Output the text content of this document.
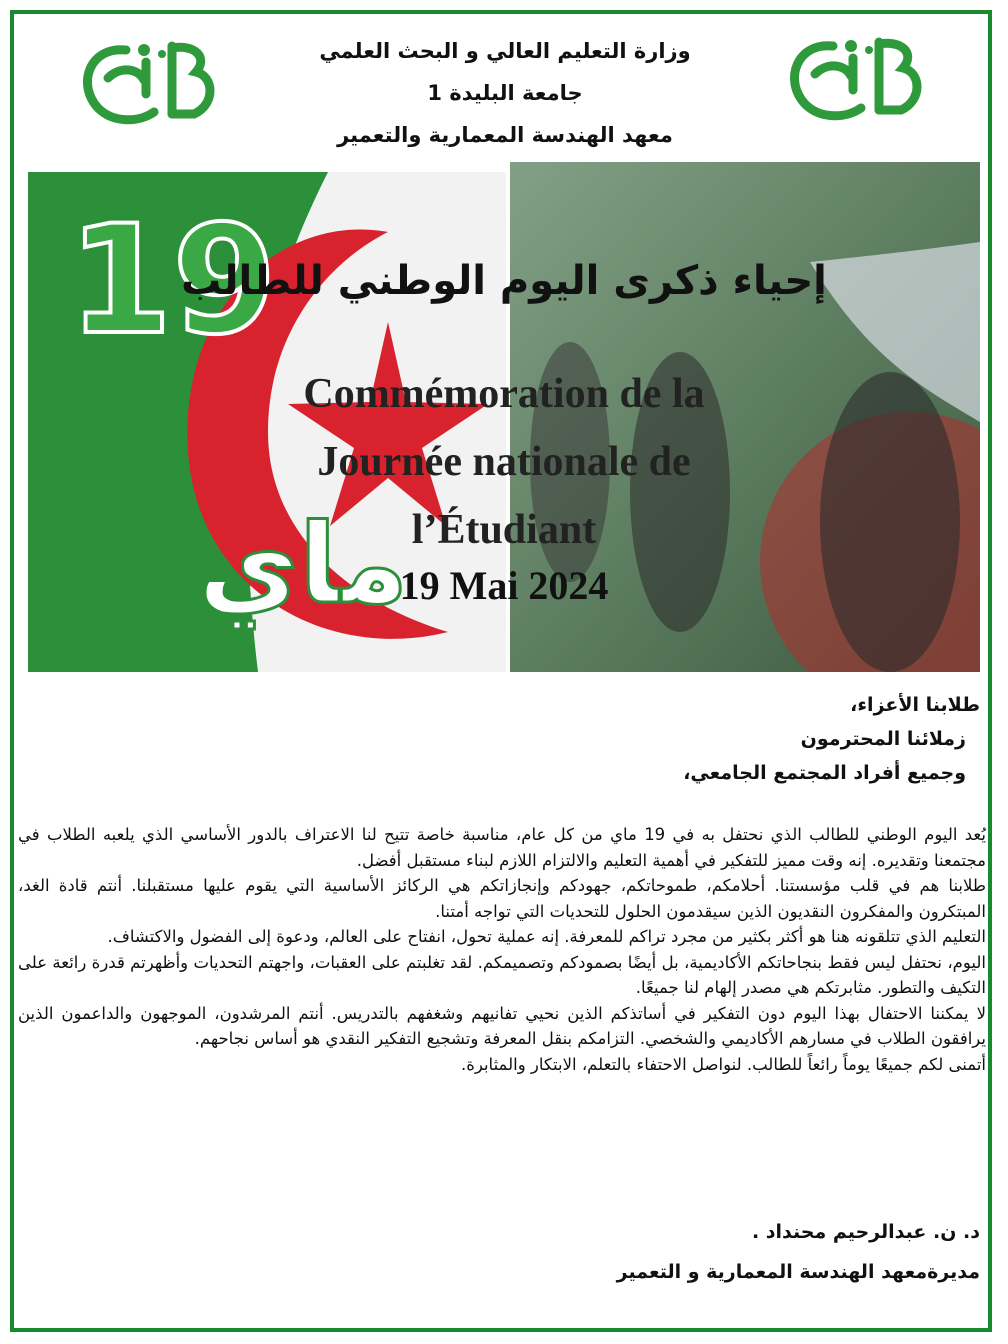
وزارة التعليم العالي و البحث العلمي
جامعة البليدة 1
معهد الهندسة المعمارية والتعمير
19
ماي
إحياء ذكرى اليوم الوطني للطالب
Commémoration de la
Journée nationale de
l’Étudiant
19 Mai 2024
طلابنا الأعزاء،
زملائنا المحترمون
وجميع أفراد المجتمع الجامعي،

يُعد اليوم الوطني للطالب الذي نحتفل به في 19 ماي من كل عام، مناسبة خاصة تتيح لنا الاعتراف بالدور الأساسي الذي يلعبه الطلاب في مجتمعنا وتقديره. إنه وقت مميز للتفكير في أهمية التعليم والالتزام اللازم لبناء مستقبل أفضل.

طلابنا هم في قلب مؤسستنا. أحلامكم، طموحاتكم، جهودكم وإنجازاتكم هي الركائز الأساسية التي يقوم عليها مستقبلنا. أنتم قادة الغد، المبتكرون والمفكرون النقديون الذين سيقدمون الحلول للتحديات التي تواجه أمتنا.

التعليم الذي تتلقونه هنا هو أكثر بكثير من مجرد تراكم للمعرفة. إنه عملية تحول، انفتاح على العالم، ودعوة إلى الفضول والاكتشاف.

اليوم، نحتفل ليس فقط بنجاحاتكم الأكاديمية، بل أيضًا بصمودكم وتصميمكم. لقد تغلبتم على العقبات، واجهتم التحديات وأظهرتم قدرة رائعة على التكيف والتطور. مثابرتكم هي مصدر إلهام لنا جميعًا.

لا يمكننا الاحتفال بهذا اليوم دون التفكير في أساتذكم الذين نحيي تفانيهم وشغفهم بالتدريس. أنتم المرشدون، الموجهون والداعمون الذين يرافقون الطلاب في مسارهم الأكاديمي والشخصي. التزامكم بنقل المعرفة وتشجيع التفكير النقدي هو أساس نجاحهم.

أتمنى لكم جميعًا يوماً رائعاً للطالب. لنواصل الاحتفاء بالتعلم، الابتكار والمثابرة.

د. ن. عبدالرحيم محنداد .
مديرةمعهد الهندسة المعمارية و التعمير
